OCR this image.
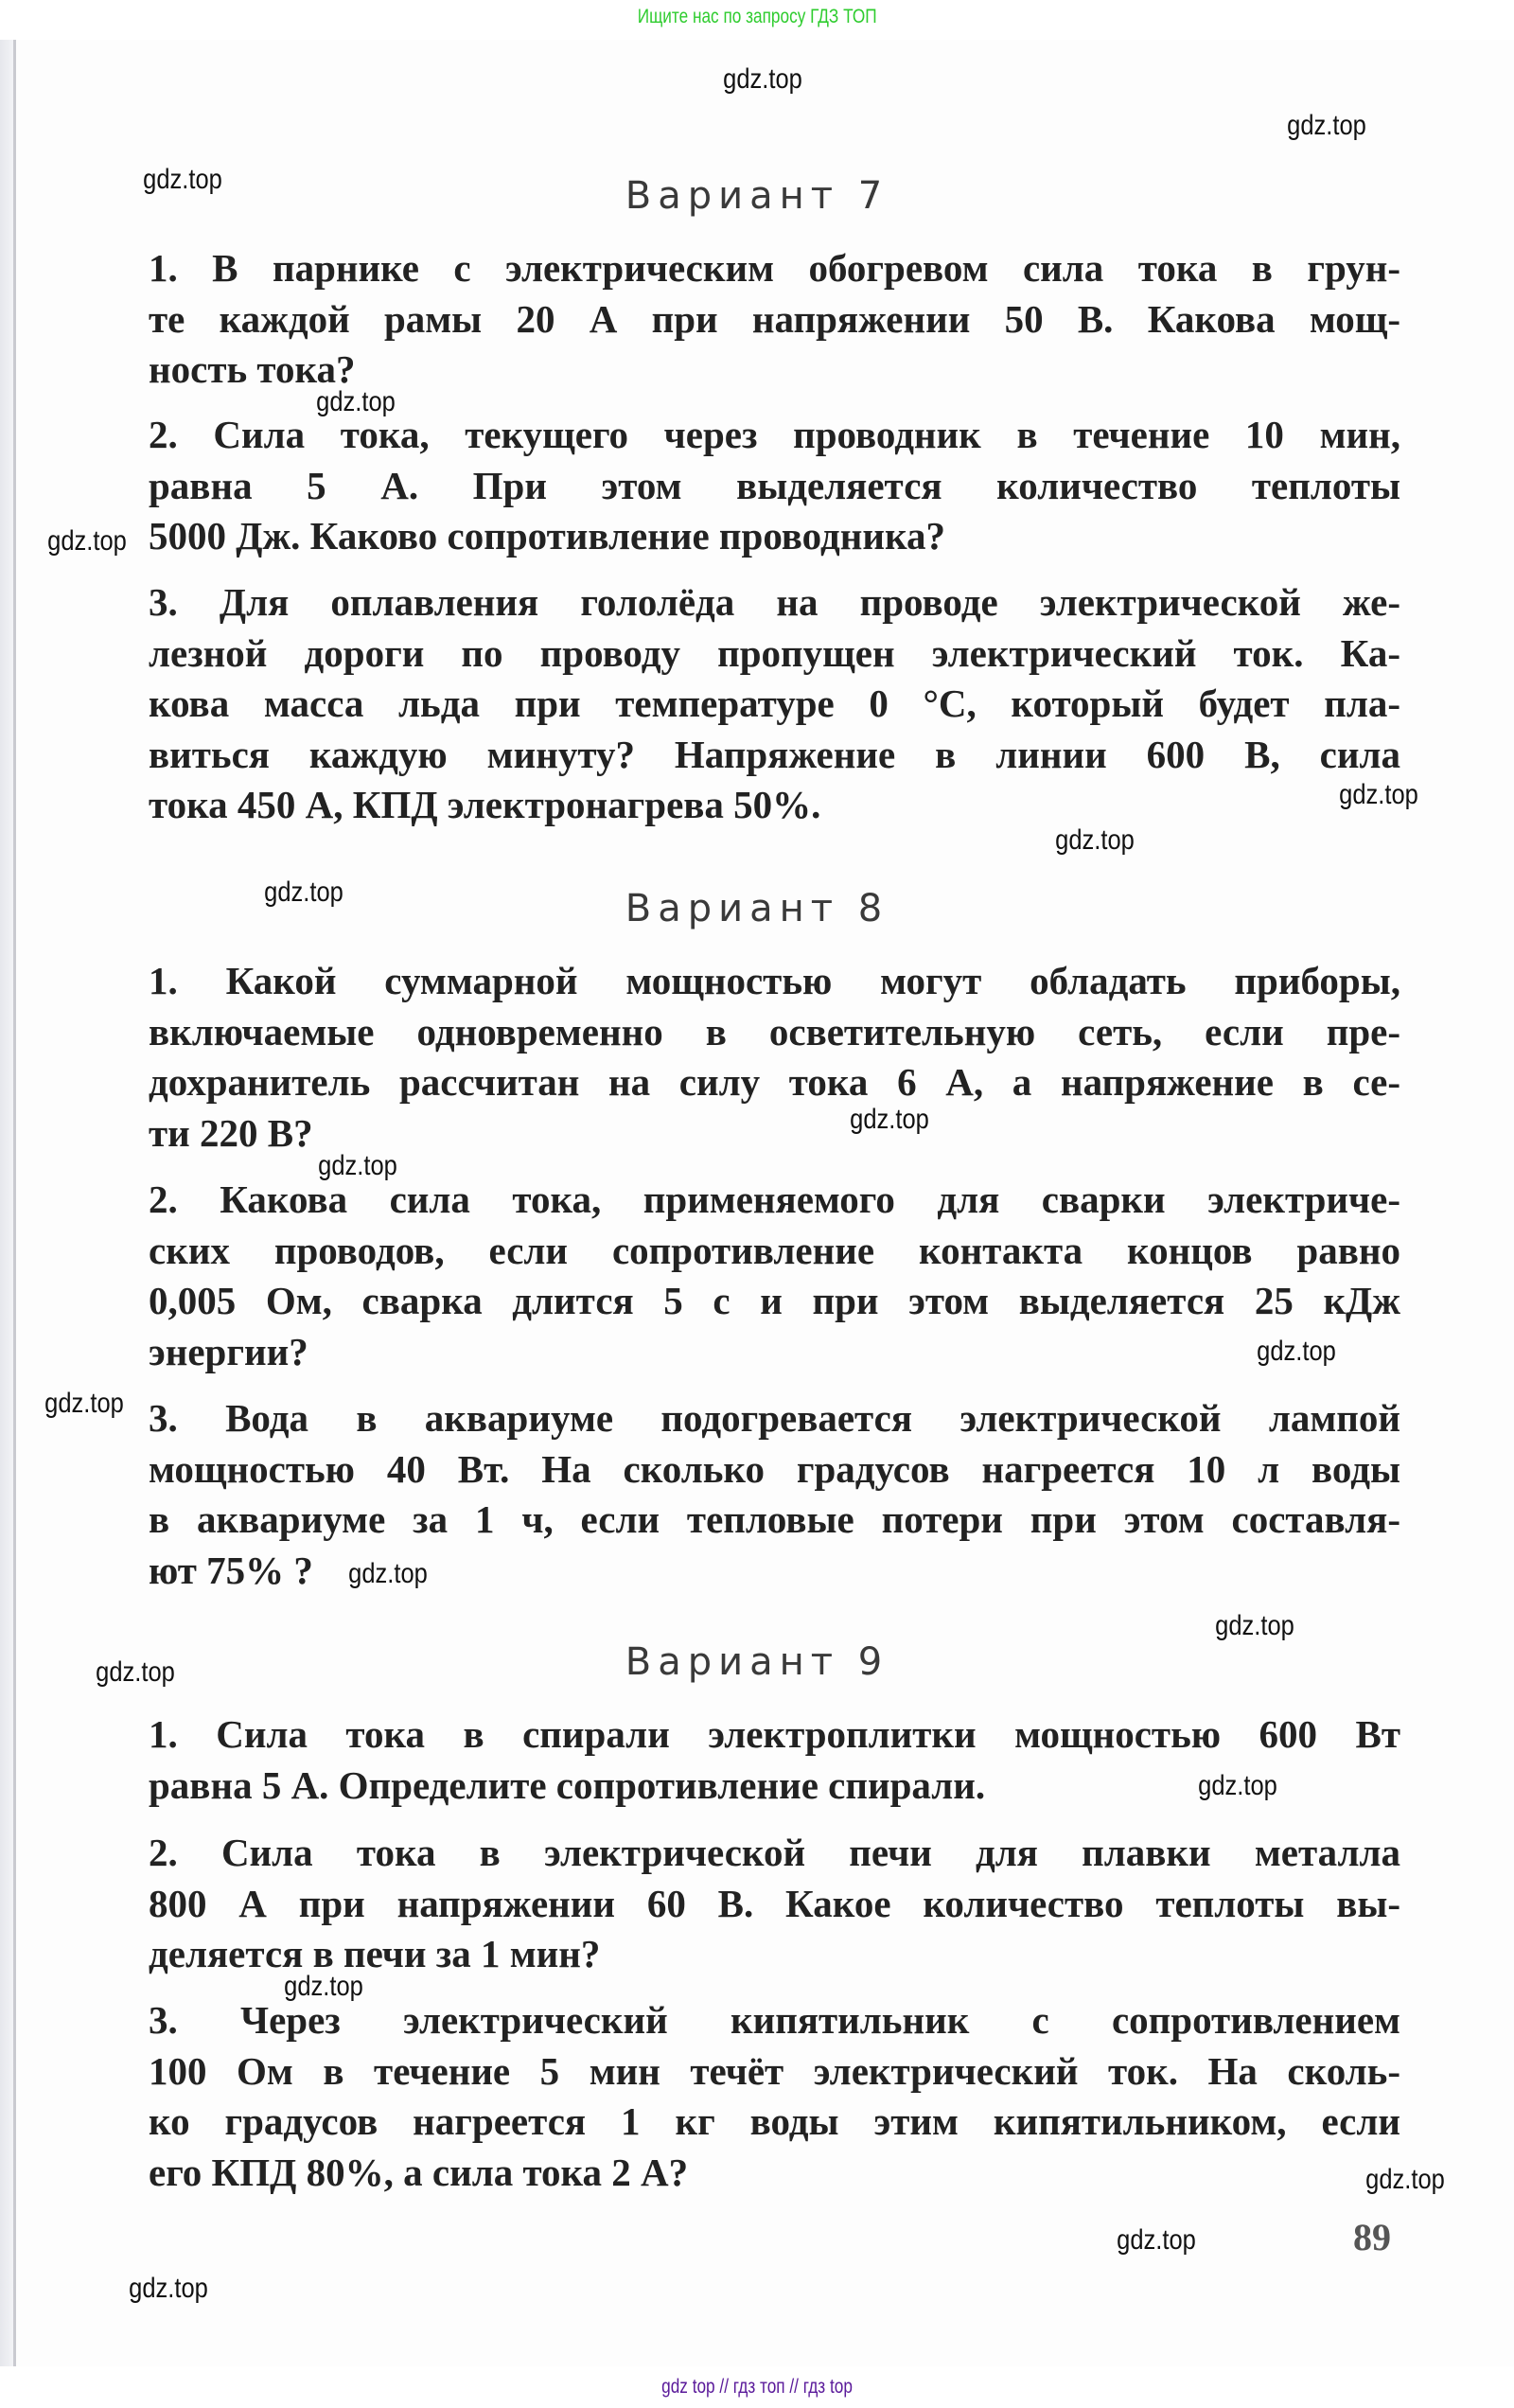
Ищите нас по запросу ГДЗ ТОП
Вариант 7
1. В парнике с электрическим обогревом сила тока в грун-
те каждой рамы 20 А при напряжении 50 В. Какова мощ-
ность тока?
2. Сила тока, текущего через проводник в течение 10 мин,
равна 5 А. При этом выделяется количество теплоты
5000 Дж. Каково сопротивление проводника?
3. Для оплавления гололёда на проводе электрической же-
лезной дороги по проводу пропущен электрический ток. Ка-
кова масса льда при температуре 0 °С, который будет пла-
виться каждую минуту? Напряжение в линии 600 В, сила
тока 450 А, КПД электронагрева 50%.
Вариант 8
1. Какой суммарной мощностью могут обладать приборы,
включаемые одновременно в осветительную сеть, если пре-
дохранитель рассчитан на силу тока 6 А, а напряжение в се-
ти 220 В?
2. Какова сила тока, применяемого для сварки электриче-
ских проводов, если сопротивление контакта концов равно
0,005 Ом, сварка длится 5 с и при этом выделяется 25 кДж
энергии?
3. Вода в аквариуме подогревается электрической лампой
мощностью 40 Вт. На сколько градусов нагреется 10 л воды
в аквариуме за 1 ч, если тепловые потери при этом составля-
ют 75% ?
Вариант 9
1. Сила тока в спирали электроплитки мощностью 600 Вт
равна 5 А. Определите сопротивление спирали.
2. Сила тока в электрической печи для плавки металла
800 А при напряжении 60 В. Какое количество теплоты вы-
деляется в печи за 1 мин?
3. Через электрический кипятильник с сопротивлением
100 Ом в течение 5 мин течёт электрический ток. На сколь-
ко градусов нагреется 1 кг воды этим кипятильником, если
его КПД 80%, а сила тока 2 А?
89
gdz.top
gdz.top
gdz.top
gdz.top
gdz.top
gdz.top
gdz.top
gdz.top
gdz.top
gdz.top
gdz.top
gdz.top
gdz.top
gdz.top
gdz.top
gdz.top
gdz.top
gdz.top
gdz.top
gdz.top
gdz top // гдз топ // гдз top
